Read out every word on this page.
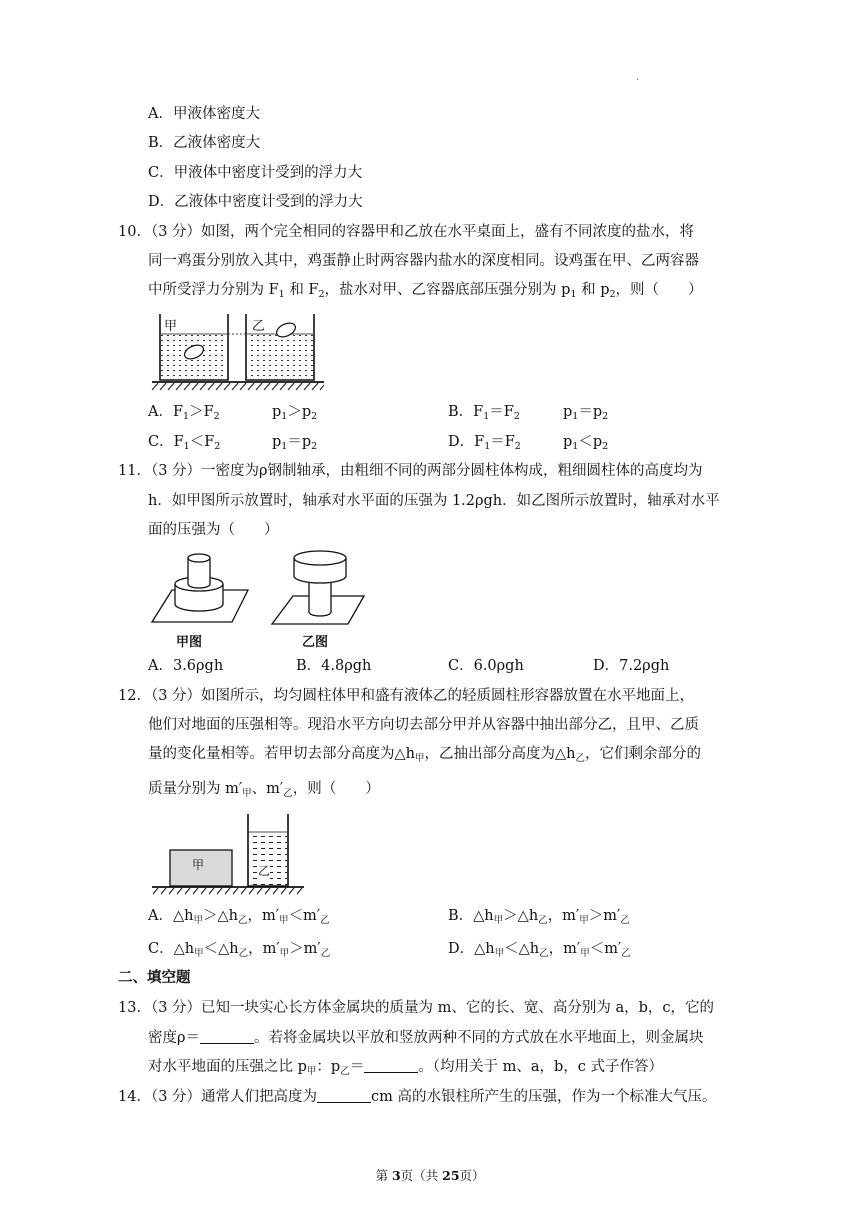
.
A．甲液体密度大
B．乙液体密度大
C．甲液体中密度计受到的浮力大
D．乙液体中密度计受到的浮力大
10．（3 分）如图，两个完全相同的容器甲和乙放在水平桌面上，盛有不同浓度的盐水，将
同一鸡蛋分别放入其中，鸡蛋静止时两容器内盐水的深度相同。设鸡蛋在甲、乙两容器
中所受浮力分别为 $F_1$ 和 $F_2$，盐水对甲、乙容器底部压强分别为 $p_1$ 和 $p_2$，则（　　）
甲	乙
A．$F_1>F_2$	$p_1>p_2$	B．$F_1=F_2$	$p_1=p_2$
C．$F_1<F_2$	$p_1=p_2$	D．$F_1=F_2$	$p_1<p_2$
11．（3 分）一密度为ρ钢制轴承，由粗细不同的两部分圆柱体构成，粗细圆柱体的高度均为
h．如甲图所示放置时，轴承对水平面的压强为 1.2ρgh．如乙图所示放置时，轴承对水平
面的压强为（　　）
甲图	乙图
A．3.6ρgh	B．4.8ρgh	C．6.0ρgh	D．7.2ρgh
12．（3 分）如图所示，均匀圆柱体甲和盛有液体乙的轻质圆柱形容器放置在水平地面上，
他们对地面的压强相等。现沿水平方向切去部分甲并从容器中抽出部分乙，且甲、乙质
量的变化量相等。若甲切去部分高度为$\triangle h_甲$，乙抽出部分高度为$\triangle h_乙$，它们剩余部分的
质量分别为 $m'_甲$、$m'_乙$，则（　　）
甲	乙
A．$\triangle h_甲>\triangle h_乙$，$m'_甲<m'_乙$	B．$\triangle h_甲>\triangle h_乙$，$m'_甲>m'_乙$
C．$\triangle h_甲<\triangle h_乙$，$m'_甲>m'_乙$	D．$\triangle h_甲<\triangle h_乙$，$m'_甲<m'_乙$
二、填空题
13．（3 分）已知一块实心长方体金属块的质量为 m、它的长、宽、高分别为 a，b，c，它的
密度ρ＝	。若将金属块以平放和竖放两种不同的方式放在水平地面上，则金属块
对水平地面的压强之比 $p_甲$：$p_乙=$	。（均用关于 m、a，b，c 式子作答）
14．（3 分）通常人们把高度为	cm 高的水银柱所产生的压强，作为一个标准大气压。
第 3页（共 25页）
